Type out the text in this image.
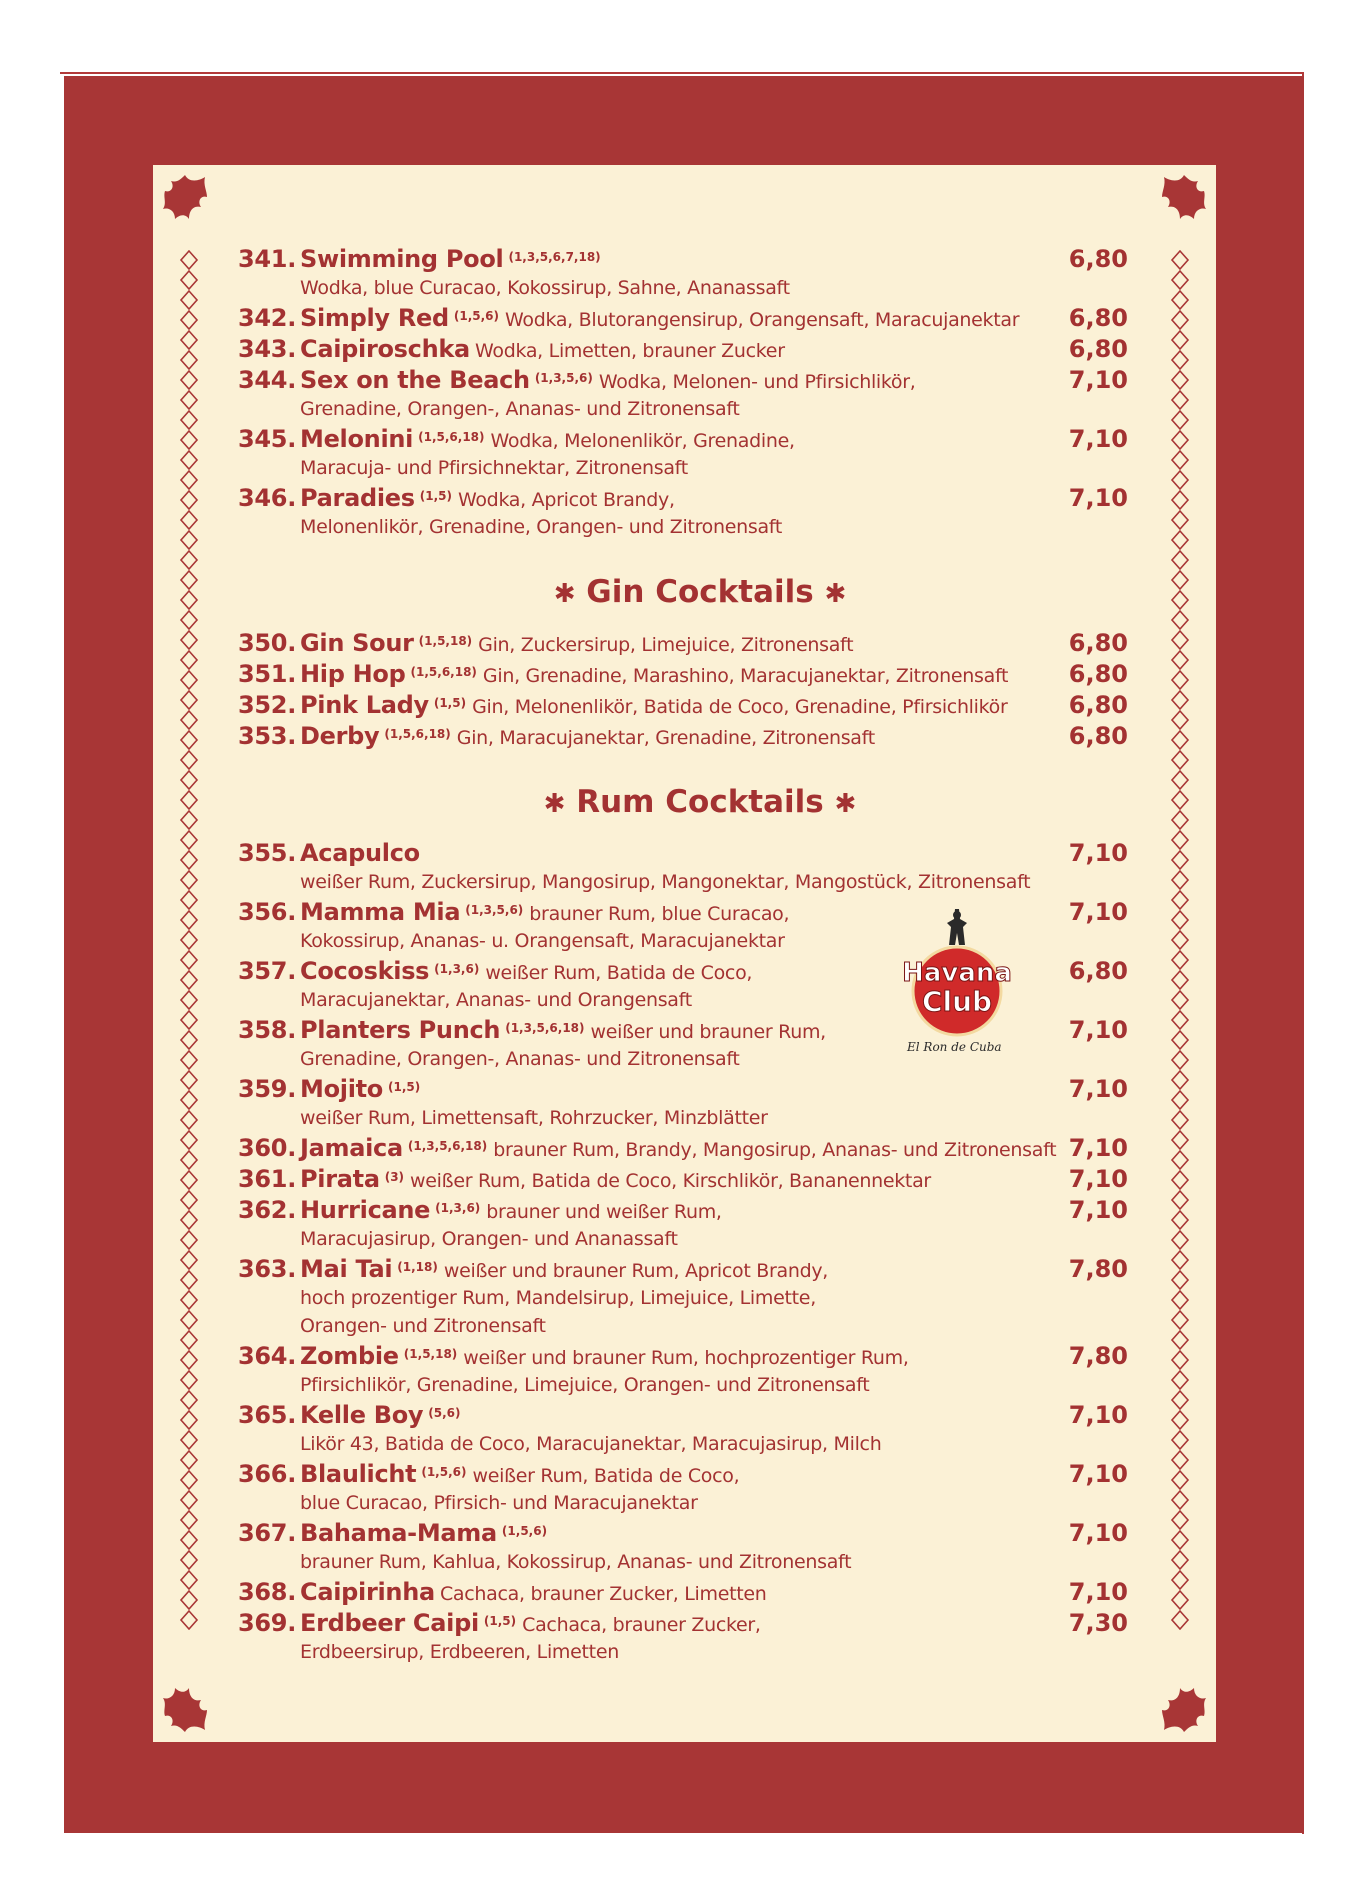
341. Swimming Pool $^{(1,3,5,6,7,18)}$	6,80
Wodka, blue Curacao, Kokossirup, Sahne, Ananassaft
342. Simply Red $^{(1,5,6)}$ Wodka, Blutorangensirup, Orangensaft, Maracujanektar 6,80
343. Caipiroschka Wodka, Limetten, brauner Zucker	6,80
344. Sex on the Beach $^{(1,3,5,6)}$ Wodka, Melonen- und Pfirsichlikör,	7,10
Grenadine, Orangen-, Ananas- und Zitronensaft
345. Melonini $^{(1,5,6,18)}$ Wodka, Melonenlikör, Grenadine,	7,10
Maracuja- und Pfirsichnektar, Zitronensaft
346. Paradies $^{(1,5)}$ Wodka, Apricot Brandy,	7,10
Melonenlikör, Grenadine, Orangen- und Zitronensaft
✱ Gin Cocktails ✱
350. Gin Sour $^{(1,5,18)}$ Gin, Zuckersirup, Limejuice, Zitronensaft	6,80
351. Hip Hop $^{(1,5,6,18)}$ Gin, Grenadine, Marashino, Maracujanektar, Zitronensaft	6,80
352. Pink Lady $^{(1,5)}$ Gin, Melonenlikör, Batida de Coco, Grenadine, Pfirsichlikör	6,80
353. Derby $^{(1,5,6,18)}$ Gin, Maracujanektar, Grenadine, Zitronensaft	6,80
✱ Rum Cocktails ✱
355. Acapulco	7,10
weißer Rum, Zuckersirup, Mangosirup, Mangonektar, Mangostück, Zitronensaft
356. Mamma Mia $^{(1,3,5,6)}$ brauner Rum, blue Curacao,	7,10
Kokossirup, Ananas- u. Orangensaft, Maracujanektar
357. Cocoskiss $^{(1,3,6)}$ weißer Rum, Batida de Coco,	6,80
Maracujanektar, Ananas- und Orangensaft
358. Planters Punch $^{(1,3,5,6,18)}$ weißer und brauner Rum,	7,10
Grenadine, Orangen-, Ananas- und Zitronensaft
359. Mojito $^{(1,5)}$	7,10
weißer Rum, Limettensaft, Rohrzucker, Minzblätter
360. Jamaica $^{(1,3,5,6,18)}$ brauner Rum, Brandy, Mangosirup, Ananas- und Zitronensaft 7,10
361. Pirata $^{(3)}$ weißer Rum, Batida de Coco, Kirschlikör, Bananennektar	7,10
362. Hurricane $^{(1,3,6)}$ brauner und weißer Rum,	7,10
Maracujasirup, Orangen- und Ananassaft
363. Mai Tai $^{(1,18)}$ weißer und brauner Rum, Apricot Brandy,	7,80
hoch prozentiger Rum, Mandelsirup, Limejuice, Limette,
Orangen- und Zitronensaft
364. Zombie $^{(1,5,18)}$ weißer und brauner Rum, hochprozentiger Rum,	7,80
Pfirsichlikör, Grenadine, Limejuice, Orangen- und Zitronensaft
365. Kelle Boy $^{(5,6)}$	7,10
Likör 43, Batida de Coco, Maracujanektar, Maracujasirup, Milch
366. Blaulicht $^{(1,5,6)}$ weißer Rum, Batida de Coco,	7,10
blue Curacao, Pfirsich- und Maracujanektar
367. Bahama-Mama $^{(1,5,6)}$	7,10
brauner Rum, Kahlua, Kokossirup, Ananas- und Zitronensaft
368. Caipirinha Cachaca, brauner Zucker, Limetten	7,10
369. Erdbeer Caipi $^{(1,5)}$ Cachaca, brauner Zucker,	7,30
Erdbeersirup, Erdbeeren, Limetten
Havana
Club
El Ron de Cuba
